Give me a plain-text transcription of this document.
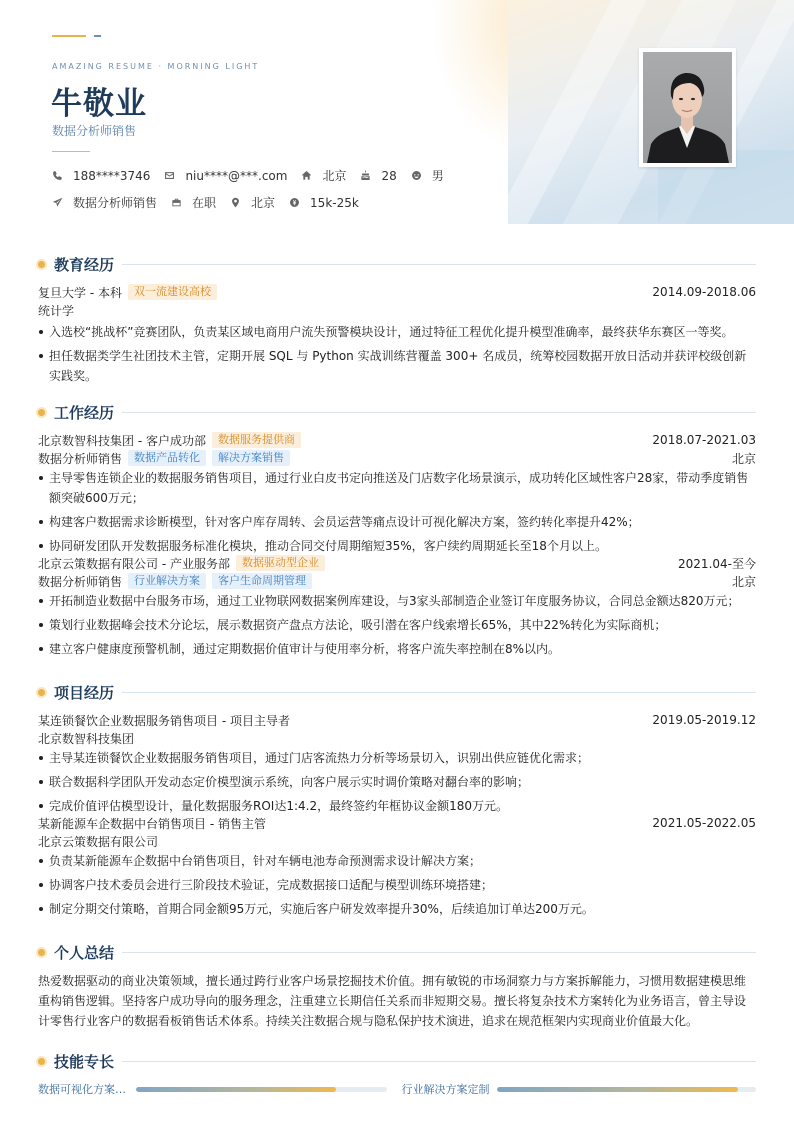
AMAZING RESUME · MORNING LIGHT
牛敬业
数据分析师销售
188****3746	niu****@***.com	北京	28	男
数据分析师销售	在职	北京	15k-25k
教育经历
复旦大学 - 本科	双一流建设高校	2014.09-2018.06
统计学
入选校“挑战杯”竞赛团队，负责某区域电商用户流失预警模块设计，通过特征工程优化提升模型准确率，最终获华东赛区一等奖。
担任数据类学生社团技术主管，定期开展 SQL 与 Python 实战训练营覆盖 300+ 名成员，统筹校园数据开放日活动并获评校级创新实践奖。
工作经历
北京数智科技集团 - 客户成功部	数据服务提供商	2018.07-2021.03
数据分析师销售	数据产品转化	解决方案销售	北京
主导零售连锁企业的数据服务销售项目，通过行业白皮书定向推送及门店数字化场景演示，成功转化区域性客户28家，带动季度销售额突破600万元；
构建客户数据需求诊断模型，针对客户库存周转、会员运营等痛点设计可视化解决方案，签约转化率提升42%；
协同研发团队开发数据服务标准化模块，推动合同交付周期缩短35%，客户续约周期延长至18个月以上。
北京云策数据有限公司 - 产业服务部	数据驱动型企业	2021.04-至今
数据分析师销售	行业解决方案	客户生命周期管理	北京
开拓制造业数据中台服务市场，通过工业物联网数据案例库建设，与3家头部制造企业签订年度服务协议，合同总金额达820万元；
策划行业数据峰会技术分论坛，展示数据资产盘点方法论，吸引潜在客户线索增长65%，其中22%转化为实际商机；
建立客户健康度预警机制，通过定期数据价值审计与使用率分析，将客户流失率控制在8%以内。
项目经历
某连锁餐饮企业数据服务销售项目 - 项目主导者	2019.05-2019.12
北京数智科技集团
主导某连锁餐饮企业数据服务销售项目，通过门店客流热力分析等场景切入，识别出供应链优化需求；
联合数据科学团队开发动态定价模型演示系统，向客户展示实时调价策略对翻台率的影响；
完成价值评估模型设计，量化数据服务ROI达1:4.2，最终签约年框协议金额180万元。
某新能源车企数据中台销售项目 - 销售主管	2021.05-2022.05
北京云策数据有限公司
负责某新能源车企数据中台销售项目，针对车辆电池寿命预测需求设计解决方案；
协调客户技术委员会进行三阶段技术验证，完成数据接口适配与模型训练环境搭建；
制定分期交付策略，首期合同金额95万元，实施后客户研发效率提升30%，后续追加订单达200万元。
个人总结
热爱数据驱动的商业决策领域，擅长通过跨行业客户场景挖掘技术价值。拥有敏锐的市场洞察力与方案拆解能力，习惯用数据建模思维重构销售逻辑。坚持客户成功导向的服务理念，注重建立长期信任关系而非短期交易。擅长将复杂技术方案转化为业务语言，曾主导设计零售行业客户的数据看板销售话术体系。持续关注数据合规与隐私保护技术演进，追求在规范框架内实现商业价值最大化。
技能专长
数据可视化方案…	行业解决方案定制
